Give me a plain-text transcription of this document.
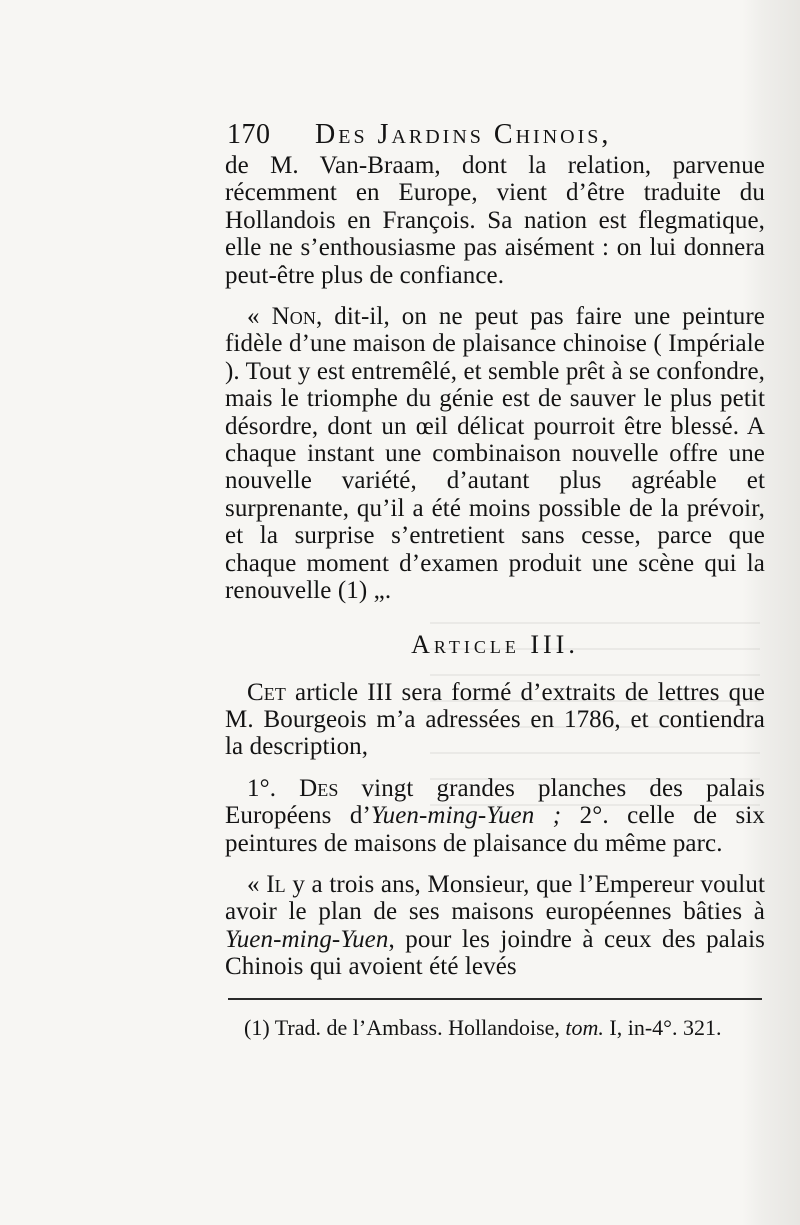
170	Des Jardins Chinois,

de M. Van-Braam, dont la relation, parvenue récemment en Europe, vient d’être traduite du Hollandois en François. Sa nation est flegmatique, elle ne s’enthousiasme pas aisément : on lui donnera peut-être plus de confiance.

« Non, dit-il, on ne peut pas faire une peinture fidèle d’une maison de plaisance chinoise ( Impériale ). Tout y est entremêlé, et semble prêt à se confondre, mais le triomphe du génie est de sauver le plus petit désordre, dont un œil délicat pourroit être blessé. A chaque instant une combinaison nouvelle offre une nouvelle variété, d’autant plus agréable et surprenante, qu’il a été moins possible de la prévoir, et la surprise s’entretient sans cesse, parce que chaque moment d’examen produit une scène qui la renouvelle (1) „.

Article III.

Cet article III sera formé d’extraits de lettres que M. Bourgeois m’a adressées en 1786, et contiendra la description,

1°. Des vingt grandes planches des palais Européens d’Yuen-ming-Yuen ; 2°. celle de six peintures de maisons de plaisance du même parc.

« Il y a trois ans, Monsieur, que l’Empereur voulut avoir le plan de ses maisons européennes bâties à Yuen-ming-Yuen, pour les joindre à ceux des palais Chinois qui avoient été levés

(1) Trad. de l’Ambass. Hollandoise, tom. I, in-4°. 321.
